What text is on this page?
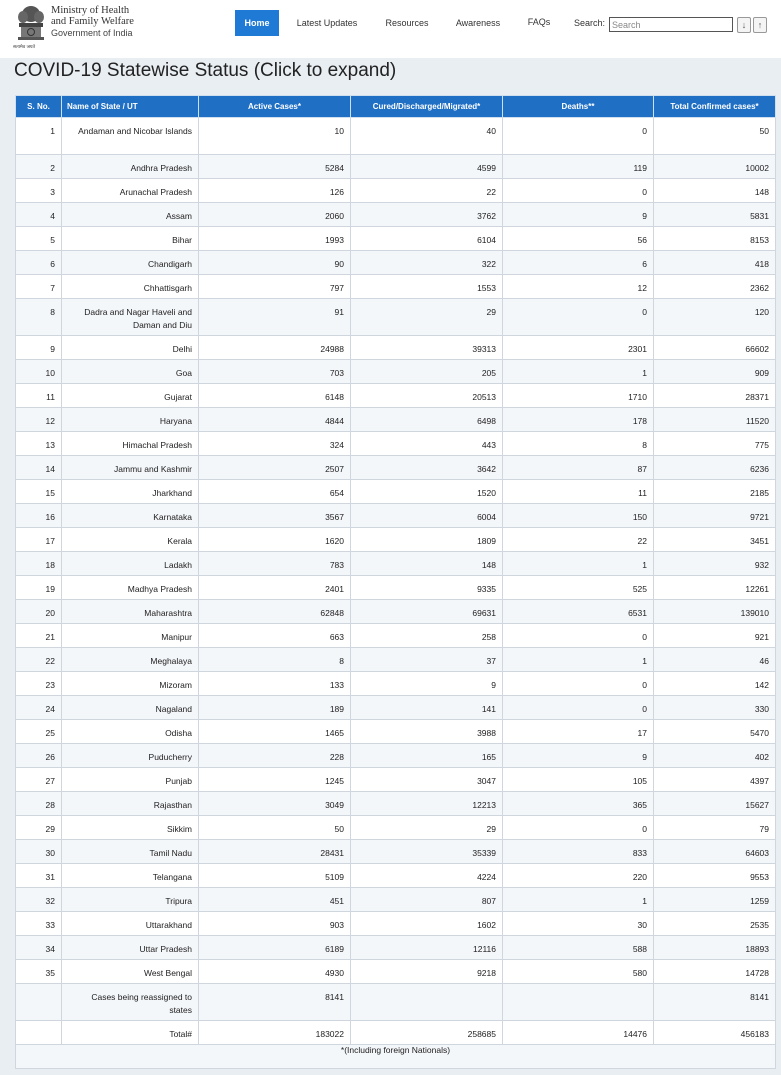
सत्यमेव जयते
Ministry of Health
and Family Welfare
Government of India
Home	Latest Updates	Resources	Awareness	FAQs	Search:
Search	↓	↑
COVID-19 Statewise Status (Click to expand)
S. No.	Name of State / UT	Active Cases*	Cured/Discharged/Migrated*	Deaths**	Total Confirmed cases*

1	Andaman and Nicobar Islands	10	40	0	50

2	Andhra Pradesh	5284	4599	119	10002

3	Arunachal Pradesh	126	22	0	148

4	Assam	2060	3762	9	5831

5	Bihar	1993	6104	56	8153

6	Chandigarh	90	322	6	418

7	Chhattisgarh	797	1553	12	2362

8	Dadra and Nagar Haveli and Daman and Diu	91	29	0	120

9	Delhi	24988	39313	2301	66602

10	Goa	703	205	1	909

11	Gujarat	6148	20513	1710	28371

12	Haryana	4844	6498	178	11520

13	Himachal Pradesh	324	443	8	775

14	Jammu and Kashmir	2507	3642	87	6236

15	Jharkhand	654	1520	11	2185

16	Karnataka	3567	6004	150	9721

17	Kerala	1620	1809	22	3451

18	Ladakh	783	148	1	932

19	Madhya Pradesh	2401	9335	525	12261

20	Maharashtra	62848	69631	6531	139010

21	Manipur	663	258	0	921

22	Meghalaya	8	37	1	46

23	Mizoram	133	9	0	142

24	Nagaland	189	141	0	330

25	Odisha	1465	3988	17	5470

26	Puducherry	228	165	9	402

27	Punjab	1245	3047	105	4397

28	Rajasthan	3049	12213	365	15627

29	Sikkim	50	29	0	79

30	Tamil Nadu	28431	35339	833	64603

31	Telangana	5109	4224	220	9553

32	Tripura	451	807	1	1259

33	Uttarakhand	903	1602	30	2535

34	Uttar Pradesh	6189	12116	588	18893

35	West Bengal	4930	9218	580	14728

	Cases being reassigned to states	8141			8141

	Total#	183022	258685	14476	456183

*(Including foreign Nationals)					
